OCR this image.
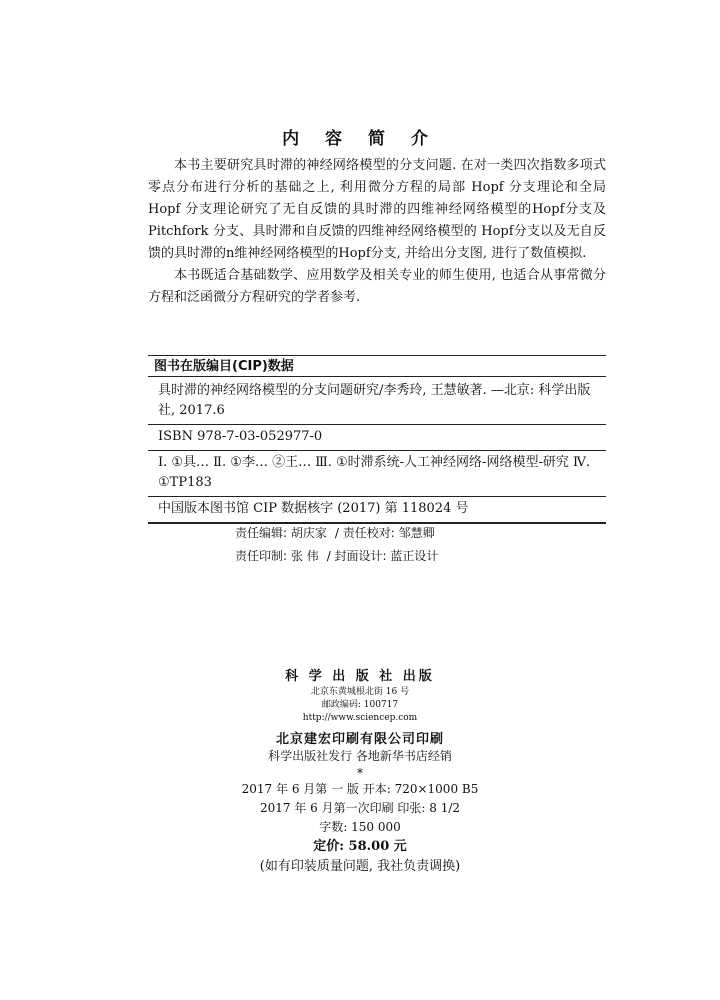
内 容 简 介

本书主要研究具时滞的神经网络模型的分支问题. 在对一类四次指数多项式零点分布进行分析的基础之上, 利用微分方程的局部 Hopf 分支理论和全局 Hopf 分支理论研究了无自反馈的具时滞的四维神经网络模型的Hopf分支及 Pitchfork 分支、具时滞和自反馈的四维神经网络模型的 Hopf分支以及无自反馈的具时滞的n维神经网络模型的Hopf分支, 并给出分支图, 进行了数值模拟.

本书既适合基础数学、应用数学及相关专业的师生使用, 也适合从事常微分方程和泛函微分方程研究的学者参考.

图书在版编目(CIP)数据
具时滞的神经网络模型的分支问题研究/李秀玲, 王慧敏著. —北京: 科学出版社, 2017.6
ISBN 978-7-03-052977-0
Ⅰ. ①具… Ⅱ. ①李… ②王… Ⅲ. ①时滞系统-人工神经网络-网络模型-研究 Ⅳ. ①TP183
中国版本图书馆 CIP 数据核字 (2017) 第 118024 号
责任编辑: 胡庆家 / 责任校对: 邹慧卿
责任印制: 张 伟 / 封面设计: 蓝正设计
科 学 出 版 社 出版
北京东黄城根北街 16 号
邮政编码: 100717
http://www.sciencep.com
北京建宏印刷有限公司印刷
科学出版社发行 各地新华书店经销
*
2017 年 6 月第 一 版 开本: 720×1000 B5
2017 年 6 月第一次印刷 印张: 8 1/2
字数: 150 000
定价: 58.00 元
(如有印装质量问题, 我社负责调换)
